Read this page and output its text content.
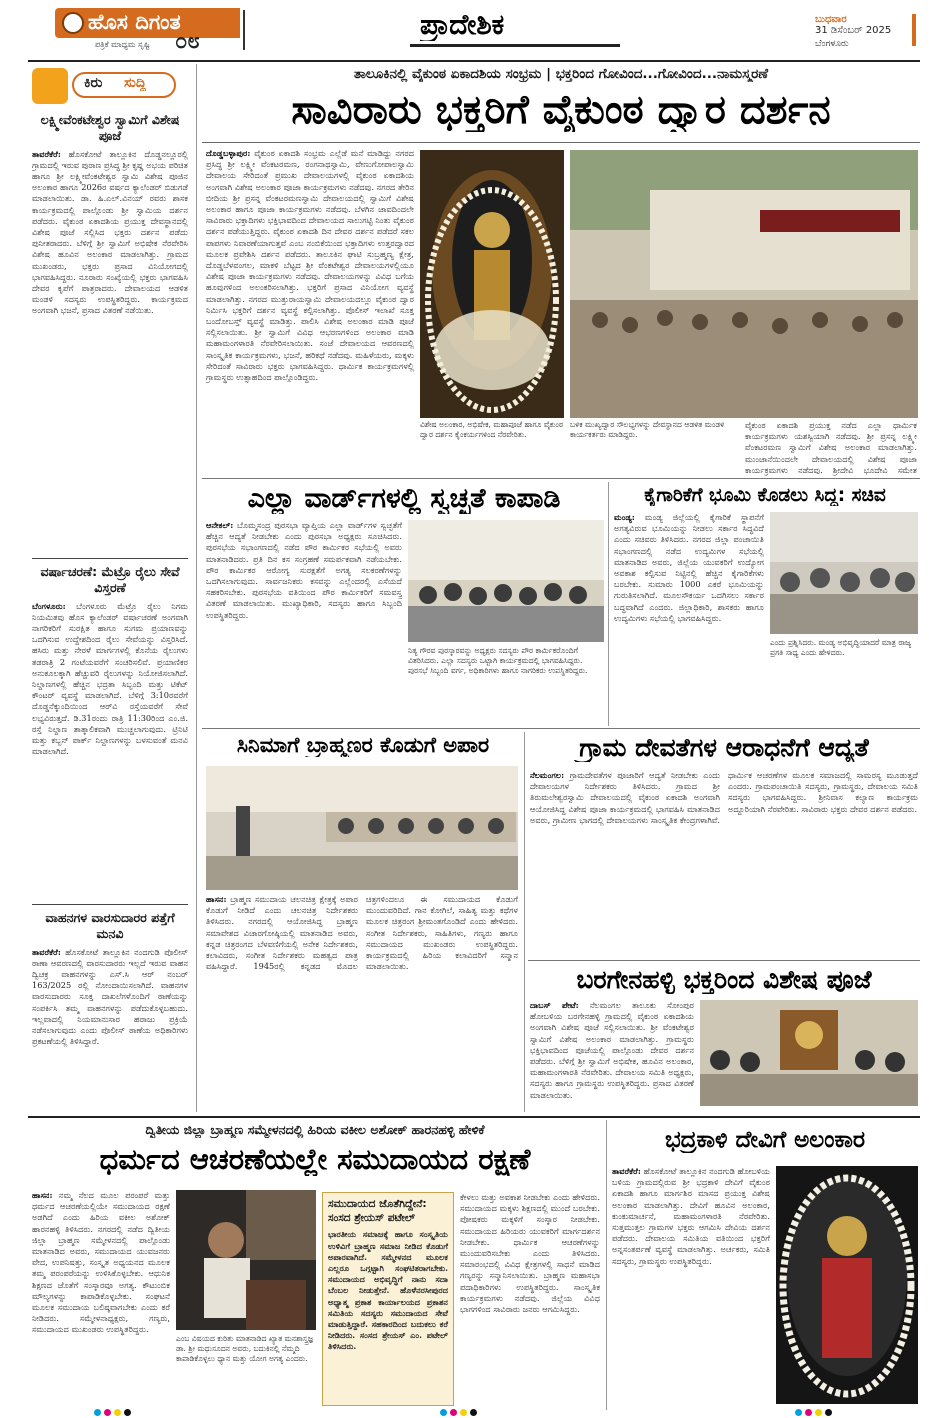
ಹೊಸ ದಿಗಂತ
ಪತ್ರಿಕೆ ಮಾಧ್ಯಮ ಸೃಷ್ಟಿ ೦೮
ಪ್ರಾದೇಶಿಕ	ಬುಧವಾರ
31 ಡಿಸೆಂಬರ್ 2025
ಬೆಂಗಳೂರು
ಕಿರು ಸುದ್ದಿ
ಲಕ್ಷ್ಮೀವೆಂಕಟೇಶ್ವರ ಸ್ವಾಮಿಗೆ ವಿಶೇಷ ಪೂಜೆ
ತಾವರೆಕೆರೆ: ಹೊಸಕೋಟೆ ತಾಲ್ಲೂಕಿನ ದೊಡ್ಡನಲ್ಲೂರಲ್ಲಿ ಗ್ರಾಮದಲ್ಲಿ ಇರುವ ಪುರಾಣ ಪ್ರಸಿದ್ಧ ಶ್ರೀ ಕೃಷ್ಣ ಅಭಯ ಪರಿಚಿತ ಹಾಗೂ ಶ್ರೀ ಲಕ್ಷ್ಮೀವೆಂಕಟೇಶ್ವರ ಸ್ವಾಮಿ ವಿಶೇಷ ಪೂಜಿನ ಅಲಂಕಾರ ಹಾಗೂ 2026ರ ವರ್ಷದ ಕ್ಯಾಲೆಂಡರ್ ಬಿಡುಗಡೆ ಮಾಡಲಾಯಿತು. ಡಾ. ಹಿ.ಎಲ್.ವಿನಯ್ ರವರು ಶಾಸಕ ಕಾರ್ಯಕ್ರಮದಲ್ಲಿ ಪಾಲ್ಗೊಂಡು ಶ್ರೀ ಸ್ವಾಮಿಯ ದರ್ಶನ ಪಡೆದರು. ವೈಕುಂಠ ಏಕಾದಶಿಯ ಪ್ರಯುಕ್ತ ದೇವಸ್ಥಾನದಲ್ಲಿ ವಿಶೇಷ ಪೂಜೆ ಸಲ್ಲಿಸಿದ ಭಕ್ತರು ದರ್ಶನ ಪಡೆದು ಪುನೀತರಾದರು. ಬೆಳಿಗ್ಗೆ ಶ್ರೀ ಸ್ವಾಮಿಗೆ ಅಭಿಷೇಕ ನೆರವೇರಿಸಿ ವಿಶೇಷ ಹೂವಿನ ಅಲಂಕಾರ ಮಾಡಲಾಗಿತ್ತು. ಗ್ರಾಮದ ಮುಖಂಡರು, ಭಕ್ತರು ಪ್ರಸಾದ ವಿನಿಯೋಗದಲ್ಲಿ ಭಾಗವಹಿಸಿದ್ದರು. ನೂರಾರು ಸಂಖ್ಯೆಯಲ್ಲಿ ಭಕ್ತರು ಭಾಗವಹಿಸಿ ದೇವರ ಕೃಪೆಗೆ ಪಾತ್ರರಾದರು. ದೇವಾಲಯದ ಆಡಳಿತ ಮಂಡಳಿ ಸದಸ್ಯರು ಉಪಸ್ಥಿತರಿದ್ದರು. ಕಾರ್ಯಕ್ರಮದ ಅಂಗವಾಗಿ ಭಜನೆ, ಪ್ರಸಾದ ವಿತರಣೆ ನಡೆಯಿತು.
ವರ್ಷಾಚರಣೆ: ಮೆಟ್ರೊ ರೈಲು ಸೇವೆ ವಿಸ್ತರಣೆ
ಬೆಂಗಳೂರು: ಬೆಂಗಳೂರು ಮೆಟ್ರೊ ರೈಲು ನಿಗಮ ನಿಯಮಿತವು ಹೊಸ ಕ್ಯಾಲೆಂಡರ್ ವರ್ಷಾಚರಣೆ ಅಂಗವಾಗಿ ನಾಗರಿಕರಿಗೆ ಸುರಕ್ಷಿತ ಹಾಗೂ ಸುಗಮ ಪ್ರಯಾಣವನ್ನು ಒದಗಿಸುವ ಉದ್ದೇಶದಿಂದ ರೈಲು ಸೇವೆಯನ್ನು ವಿಸ್ತರಿಸಿದೆ. ಹಸಿರು ಮತ್ತು ನೇರಳೆ ಮಾರ್ಗಗಳಲ್ಲಿ ಕೊನೆಯ ರೈಲುಗಳು ತಡರಾತ್ರಿ 2 ಗಂಟೆಯವರೆಗೆ ಸಂಚರಿಸಲಿವೆ. ಪ್ರಯಾಣಿಕರ ಅನುಕೂಲಕ್ಕಾಗಿ ಹೆಚ್ಚುವರಿ ರೈಲುಗಳನ್ನು ನಿಯೋಜಿಸಲಾಗಿದೆ. ನಿಲ್ದಾಣಗಳಲ್ಲಿ ಹೆಚ್ಚಿನ ಭದ್ರತಾ ಸಿಬ್ಬಂದಿ ಮತ್ತು ಟಿಕೆಟ್ ಕೌಂಟರ್ ವ್ಯವಸ್ಥೆ ಮಾಡಲಾಗಿದೆ. ಬೆಳಿಗ್ಗೆ 3:10ರವರೆಗೆ ದೊಡ್ಡನೆಕ್ಕುಂದಿಯಿಂದ ಆರ್‌ವಿ ರಸ್ತೆಯವರೆಗೆ ಸೇವೆ ಲಭ್ಯವಿರುತ್ತದೆ. ಡಿ.31ರಂದು ರಾತ್ರಿ 11:30ರಿಂದ ಎಂ.ಜಿ. ರಸ್ತೆ ನಿಲ್ದಾಣ ತಾತ್ಕಾಲಿಕವಾಗಿ ಮುಚ್ಚಲಾಗುವುದು. ಟ್ರಿನಿಟಿ ಮತ್ತು ಕಬ್ಬನ್ ಪಾರ್ಕ್ ನಿಲ್ದಾಣಗಳನ್ನು ಬಳಸುವಂತೆ ಮನವಿ ಮಾಡಲಾಗಿದೆ.
ವಾಹನಗಳ ವಾರಸುದಾರರ ಪತ್ತೆಗೆ ಮನವಿ
ತಾವರೆಕೆರೆ: ಹೊಸಕೋಟೆ ತಾಲ್ಲೂಕಿನ ನಂದಗುಡಿ ಪೊಲೀಸ್ ಠಾಣಾ ಆವರಣದಲ್ಲಿ ವಾರಸುದಾರರು ಇಲ್ಲದೆ ಇರುವ ವಾಹನ ದ್ವಿಚಕ್ರ ವಾಹನಗಳನ್ನು ಎಸ್.ಸಿ ಆರ್ ನಂಬರ್ 163/2025 ರಲ್ಲಿ ನೋಂದಾಯಿಸಲಾಗಿದೆ. ವಾಹನಗಳ ವಾರಸುದಾರರು ಸೂಕ್ತ ದಾಖಲೆಗಳೊಂದಿಗೆ ಠಾಣೆಯನ್ನು ಸಂಪರ್ಕಿಸಿ ತಮ್ಮ ವಾಹನಗಳನ್ನು ಪಡೆದುಕೊಳ್ಳಬಹುದು. ಇಲ್ಲವಾದಲ್ಲಿ ನಿಯಮಾನುಸಾರ ಹರಾಜು ಪ್ರಕ್ರಿಯೆ ನಡೆಸಲಾಗುವುದು ಎಂದು ಪೊಲೀಸ್ ಠಾಣೆಯ ಅಧಿಕಾರಿಗಳು ಪ್ರಕಟಣೆಯಲ್ಲಿ ತಿಳಿಸಿದ್ದಾರೆ.
ತಾಲೂಕಿನಲ್ಲಿ ವೈಕುಂಠ ಏಕಾದಶಿಯ ಸಂಭ್ರಮ | ಭಕ್ತರಿಂದ ಗೋವಿಂದ...ಗೋವಿಂದ...ನಾಮಸ್ಮರಣೆ
ಸಾವಿರಾರು ಭಕ್ತರಿಗೆ ವೈಕುಂಠ ದ್ವಾರ ದರ್ಶನ
ದೊಡ್ಡಬಳ್ಳಾಪುರ: ವೈಕುಂಠ ಏಕಾದಶಿ ಸಂಭ್ರಮ ಎಲ್ಲೆಡೆ ಮನೆ ಮಾಡಿದ್ದು ನಗರದ ಪ್ರಸಿದ್ಧ ಶ್ರೀ ಲಕ್ಷ್ಮೀ ವೆಂಕಟರಮಣ, ರಂಗನಾಥಸ್ವಾಮಿ, ವೇಣುಗೋಪಾಲಸ್ವಾಮಿ ದೇವಾಲಯ ಸೇರಿದಂತೆ ಪ್ರಮುಖ ದೇವಾಲಯಗಳಲ್ಲಿ ವೈಕುಂಠ ಏಕಾದಶಿಯ ಅಂಗವಾಗಿ ವಿಶೇಷ ಅಲಂಕಾರ ಪೂಜಾ ಕಾರ್ಯಕ್ರಮಗಳು ನಡೆದವು. ನಗರದ ತೇರಿನ ಬೀದಿಯ ಶ್ರೀ ಪ್ರಸನ್ನ ವೆಂಕಟರಮಣಸ್ವಾಮಿ ದೇವಾಲಯದಲ್ಲಿ ಸ್ವಾಮಿಗೆ ವಿಶೇಷ ಅಲಂಕಾರ ಹಾಗೂ ಪೂಜಾ ಕಾರ್ಯಕ್ರಮಗಳು ನಡೆದವು. ಬೆಳಗಿನ ಜಾವದಿಂದಲೇ ಸಾವಿರಾರು ಭಕ್ತಾದಿಗಳು ಭಕ್ತಿಭಾವದಿಂದ ದೇವಾಲಯದ ಸಾಲುಗಟ್ಟಿ ನಿಂತು ವೈಕುಂಠ ದರ್ಶನ ಪಡೆಯುತ್ತಿದ್ದರು. ವೈಕುಂಠ ಏಕಾದಶಿ ದಿನ ದೇವರ ದರ್ಶನ ಪಡೆದರೆ ಸಕಲ ಪಾಪಗಳು ನಿವಾರಣೆಯಾಗುತ್ತವೆ ಎಂಬ ನಂಬಿಕೆಯಿಂದ ಭಕ್ತಾದಿಗಳು ಉತ್ತರದ್ವಾರದ ಮೂಲಕ ಪ್ರವೇಶಿಸಿ ದರ್ಶನ ಪಡೆದರು. ತಾಲೂಕಿನ ಘಾಟಿ ಸುಬ್ರಹ್ಮಣ್ಯ ಕ್ಷೇತ್ರ, ದೊಡ್ಡಬೆಳವಂಗಲ, ಮಾಕಳಿ ಬೆಟ್ಟದ ಶ್ರೀ ವೆಂಕಟೇಶ್ವರ ದೇವಾಲಯಗಳಲ್ಲಿಯೂ ವಿಶೇಷ ಪೂಜಾ ಕಾರ್ಯಕ್ರಮಗಳು ನಡೆದವು. ದೇವಾಲಯಗಳನ್ನು ವಿವಿಧ ಬಗೆಯ ಹೂವುಗಳಿಂದ ಅಲಂಕರಿಸಲಾಗಿತ್ತು. ಭಕ್ತರಿಗೆ ಪ್ರಸಾದ ವಿನಿಯೋಗ ವ್ಯವಸ್ಥೆ ಮಾಡಲಾಗಿತ್ತು. ನಗರದ ಮುತ್ತುರಾಯಸ್ವಾಮಿ ದೇವಾಲಯದಲ್ಲೂ ವೈಕುಂಠ ದ್ವಾರ ನಿರ್ಮಿಸಿ ಭಕ್ತರಿಗೆ ದರ್ಶನ ವ್ಯವಸ್ಥೆ ಕಲ್ಪಿಸಲಾಗಿತ್ತು. ಪೊಲೀಸ್ ಇಲಾಖೆ ಸೂಕ್ತ ಬಂದೋಬಸ್ತ್ ವ್ಯವಸ್ಥೆ ಮಾಡಿತ್ತು. ಪಾಲಿಸಿ ವಿಶೇಷ ಅಲಂಕಾರ ಮಾಡಿ ಪೂಜೆ ಸಲ್ಲಿಸಲಾಯಿತು. ಶ್ರೀ ಸ್ವಾಮಿಗೆ ವಿವಿಧ ಆಭರಣಗಳಿಂದ ಅಲಂಕಾರ ಮಾಡಿ ಮಹಾಮಂಗಳಾರತಿ ನೆರವೇರಿಸಲಾಯಿತು. ಸಂಜೆ ದೇವಾಲಯದ ಆವರಣದಲ್ಲಿ ಸಾಂಸ್ಕೃತಿಕ ಕಾರ್ಯಕ್ರಮಗಳು, ಭಜನೆ, ಹರಿಕಥೆ ನಡೆದವು. ಮಹಿಳೆಯರು, ಮಕ್ಕಳು ಸೇರಿದಂತೆ ಸಾವಿರಾರು ಭಕ್ತರು ಭಾಗವಹಿಸಿದ್ದರು. ಧಾರ್ಮಿಕ ಕಾರ್ಯಕ್ರಮಗಳಲ್ಲಿ ಗ್ರಾಮಸ್ಥರು ಉತ್ಸಾಹದಿಂದ ಪಾಲ್ಗೊಂಡಿದ್ದರು.
ವಿಶೇಷ ಅಲಂಕಾರ, ಅಭಿಷೇಕ, ಮಹಾಪೂಜೆ ಹಾಗೂ ವೈಕುಂಠ ದ್ವಾರ ದರ್ಶನ ಕೈಂಕರ್ಯಗಳಿಂದ ನೆರವೇರಿತು.
ಬಳಿಕ ಮುಖ್ಯದ್ವಾರ ಸೌಲಭ್ಯಗಳನ್ನು ದೇವಸ್ಥಾನದ ಆಡಳಿತ ಮಂಡಳಿ ಕಾರ್ಯಕರ್ತರು ಮಾಡಿದ್ದರು.
ವೈಕುಂಠ ಏಕಾದಶಿ ಪ್ರಯುಕ್ತ ನಡೆದ ಎಲ್ಲಾ ಧಾರ್ಮಿಕ ಕಾರ್ಯಕ್ರಮಗಳು ಯಶಸ್ವಿಯಾಗಿ ನಡೆದವು. ಶ್ರೀ ಪ್ರಸನ್ನ ಲಕ್ಷ್ಮೀ ವೆಂಕಟರಮಣ ಸ್ವಾಮಿಗೆ ವಿಶೇಷ ಅಲಂಕಾರ ಮಾಡಲಾಗಿತ್ತು. ಮುಂಜಾನೆಯಿಂದಲೇ ದೇವಾಲಯದಲ್ಲಿ ವಿಶೇಷ ಪೂಜಾ ಕಾರ್ಯಕ್ರಮಗಳು ನಡೆದವು. ಶ್ರೀದೇವಿ ಭೂದೇವಿ ಸಮೇತ
ಎಲ್ಲಾ ವಾರ್ಡ್‌ಗಳಲ್ಲಿ ಸ್ವಚ್ಛತೆ ಕಾಪಾಡಿ
ಆನೇಕಲ್: ಬೊಮ್ಮಸಂದ್ರ ಪುರಸಭಾ ವ್ಯಾಪ್ತಿಯ ಎಲ್ಲಾ ವಾರ್ಡ್‌ಗಳ ಸ್ವಚ್ಛತೆಗೆ ಹೆಚ್ಚಿನ ಆದ್ಯತೆ ನೀಡಬೇಕು ಎಂದು ಪುರಸಭಾ ಅಧ್ಯಕ್ಷರು ಸೂಚಿಸಿದರು. ಪುರಸಭೆಯ ಸಭಾಂಗಣದಲ್ಲಿ ನಡೆದ ಪೌರ ಕಾರ್ಮಿಕರ ಸಭೆಯಲ್ಲಿ ಅವರು ಮಾತನಾಡಿದರು. ಪ್ರತಿ ದಿನ ಕಸ ಸಂಗ್ರಹಣೆ ಸಮರ್ಪಕವಾಗಿ ನಡೆಯಬೇಕು. ಪೌರ ಕಾರ್ಮಿಕರ ಆರೋಗ್ಯ ಸುರಕ್ಷತೆಗೆ ಅಗತ್ಯ ಸಲಕರಣೆಗಳನ್ನು ಒದಗಿಸಲಾಗುವುದು. ಸಾರ್ವಜನಿಕರು ಕಸವನ್ನು ಎಲ್ಲೆಂದರಲ್ಲಿ ಎಸೆಯದೆ ಸಹಕರಿಸಬೇಕು. ಪುರಸಭೆಯ ವತಿಯಿಂದ ಪೌರ ಕಾರ್ಮಿಕರಿಗೆ ಸಮವಸ್ತ್ರ ವಿತರಣೆ ಮಾಡಲಾಯಿತು. ಮುಖ್ಯಾಧಿಕಾರಿ, ಸದಸ್ಯರು ಹಾಗೂ ಸಿಬ್ಬಂದಿ ಉಪಸ್ಥಿತರಿದ್ದರು.
ನಿತ್ಯ ಗೌರವ ಪುರಸ್ಕಾರವನ್ನು ಅಧ್ಯಕ್ಷರು ಸದಸ್ಯರು ಪೌರ ಕಾರ್ಮಿಕರೊಂದಿಗೆ ವಿತರಿಸಿದರು. ಎಲ್ಲಾ ಸದಸ್ಯರು ಒಟ್ಟಾಗಿ ಕಾರ್ಯಕ್ರಮದಲ್ಲಿ ಭಾಗವಹಿಸಿದ್ದರು. ಪುರಸಭೆ ಸಿಬ್ಬಂದಿ ವರ್ಗ, ಅಧಿಕಾರಿಗಳು ಹಾಗೂ ನಾಗರಿಕರು ಉಪಸ್ಥಿತರಿದ್ದರು.
ಕೈಗಾರಿಕೆಗೆ ಭೂಮಿ ಕೊಡಲು ಸಿದ್ಧ: ಸಚಿವ
ಮಂಡ್ಯ: ಮಂಡ್ಯ ಜಿಲ್ಲೆಯಲ್ಲಿ ಕೈಗಾರಿಕೆ ಸ್ಥಾಪನೆಗೆ ಅಗತ್ಯವಿರುವ ಭೂಮಿಯನ್ನು ನೀಡಲು ಸರ್ಕಾರ ಸಿದ್ಧವಿದೆ ಎಂದು ಸಚಿವರು ತಿಳಿಸಿದರು. ನಗರದ ಜಿಲ್ಲಾ ಪಂಚಾಯಿತಿ ಸಭಾಂಗಣದಲ್ಲಿ ನಡೆದ ಉದ್ಯಮಿಗಳ ಸಭೆಯಲ್ಲಿ ಮಾತನಾಡಿದ ಅವರು, ಜಿಲ್ಲೆಯ ಯುವಕರಿಗೆ ಉದ್ಯೋಗ ಅವಕಾಶ ಕಲ್ಪಿಸುವ ನಿಟ್ಟಿನಲ್ಲಿ ಹೆಚ್ಚಿನ ಕೈಗಾರಿಕೆಗಳು ಬರಬೇಕು. ಸುಮಾರು 1000 ಎಕರೆ ಭೂಮಿಯನ್ನು ಗುರುತಿಸಲಾಗಿದೆ. ಮೂಲಸೌಕರ್ಯ ಒದಗಿಸಲು ಸರ್ಕಾರ ಬದ್ಧವಾಗಿದೆ ಎಂದರು. ಜಿಲ್ಲಾಧಿಕಾರಿ, ಶಾಸಕರು ಹಾಗೂ ಉದ್ಯಮಿಗಳು ಸಭೆಯಲ್ಲಿ ಭಾಗವಹಿಸಿದ್ದರು.
ಎಂದು ಪ್ರಶ್ನಿಸಿದರು. ಮಂಡ್ಯ ಅಭಿವೃದ್ಧಿಯಾದರೆ ಮಾತ್ರ ರಾಜ್ಯ ಪ್ರಗತಿ ಸಾಧ್ಯ ಎಂದು ಹೇಳಿದರು.
ಸಿನಿಮಾಗೆ ಬ್ರಾಹ್ಮಣರ ಕೊಡುಗೆ ಅಪಾರ
ಹಾಸನ: ಬ್ರಾಹ್ಮಣ ಸಮುದಾಯ ಚಲನಚಿತ್ರ ಕ್ಷೇತ್ರಕ್ಕೆ ಅಪಾರ ಕೊಡುಗೆ ನೀಡಿದೆ ಎಂದು ಚಲನಚಿತ್ರ ನಿರ್ದೇಶಕರು ತಿಳಿಸಿದರು. ನಗರದಲ್ಲಿ ಆಯೋಜಿಸಿದ್ದ ಬ್ರಾಹ್ಮಣ ಸಮಾವೇಶದ ವಿಚಾರಗೋಷ್ಠಿಯಲ್ಲಿ ಮಾತನಾಡಿದ ಅವರು, ಕನ್ನಡ ಚಿತ್ರರಂಗದ ಬೆಳವಣಿಗೆಯಲ್ಲಿ ಅನೇಕ ನಿರ್ದೇಶಕರು, ಕಲಾವಿದರು, ಸಂಗೀತ ನಿರ್ದೇಶಕರು ಮಹತ್ವದ ಪಾತ್ರ ವಹಿಸಿದ್ದಾರೆ. 1945ರಲ್ಲಿ ಕನ್ನಡದ ಮೊದಲ ಚಿತ್ರಗಳಿಂದಲೂ ಈ ಸಮುದಾಯದ ಕೊಡುಗೆ ಮುಂದುವರಿದಿದೆ. ಗಾನ ಕೋಗಿಲೆ, ಸಾಹಿತ್ಯ ಮತ್ತು ಕಥೆಗಳ ಮೂಲಕ ಚಿತ್ರರಂಗ ಶ್ರೀಮಂತಗೊಂಡಿದೆ ಎಂದು ಹೇಳಿದರು. ಸಂಗೀತ ನಿರ್ದೇಶಕರು, ಸಾಹಿತಿಗಳು, ಗಣ್ಯರು ಹಾಗೂ ಸಮುದಾಯದ ಮುಖಂಡರು ಉಪಸ್ಥಿತರಿದ್ದರು. ಕಾರ್ಯಕ್ರಮದಲ್ಲಿ ಹಿರಿಯ ಕಲಾವಿದರಿಗೆ ಸನ್ಮಾನ ಮಾಡಲಾಯಿತು.
ಗ್ರಾಮ ದೇವತೆಗಳ ಆರಾಧನೆಗೆ ಆದ್ಯತೆ
ನೆಲಮಂಗಲ: ಗ್ರಾಮದೇವತೆಗಳ ಪೂಜಾರಿಗೆ ಆದ್ಯತೆ ನೀಡಬೇಕು ಎಂದು ದೇವಾಲಯಗಳ ನಿರ್ದೇಶಕರು ತಿಳಿಸಿದರು. ಗ್ರಾಮದ ಶ್ರೀ ತಿರುಮಲೇಶ್ವರಸ್ವಾಮಿ ದೇವಾಲಯದಲ್ಲಿ ವೈಕುಂಠ ಏಕಾದಶಿ ಅಂಗವಾಗಿ ಆಯೋಜಿಸಿದ್ದ ವಿಶೇಷ ಪೂಜಾ ಕಾರ್ಯಕ್ರಮದಲ್ಲಿ ಭಾಗವಹಿಸಿ ಮಾತನಾಡಿದ ಅವರು, ಗ್ರಾಮೀಣ ಭಾಗದಲ್ಲಿ ದೇವಾಲಯಗಳು ಸಾಂಸ್ಕೃತಿಕ ಕೇಂದ್ರಗಳಾಗಿವೆ. ಧಾರ್ಮಿಕ ಆಚರಣೆಗಳ ಮೂಲಕ ಸಮಾಜದಲ್ಲಿ ಸಾಮರಸ್ಯ ಮೂಡುತ್ತದೆ ಎಂದರು. ಗ್ರಾಮಪಂಚಾಯಿತಿ ಸದಸ್ಯರು, ಗ್ರಾಮಸ್ಥರು, ದೇವಾಲಯ ಸಮಿತಿ ಸದಸ್ಯರು ಭಾಗವಹಿಸಿದ್ದರು. ಶ್ರೀನಿವಾಸ ಕಲ್ಯಾಣ ಕಾರ್ಯಕ್ರಮ ಅದ್ದೂರಿಯಾಗಿ ನೆರವೇರಿತು. ಸಾವಿರಾರು ಭಕ್ತರು ದೇವರ ದರ್ಶನ ಪಡೆದರು.
ಬರಗೇನಹಳ್ಳಿ ಭಕ್ತರಿಂದ ವಿಶೇಷ ಪೂಜೆ
ದಾಬಸ್ ಪೇಟೆ: ನೆಲಮಂಗಲ ತಾಲೂಕು ಸೋಂಪುರ ಹೋಬಳಿಯ ಬರಗೇನಹಳ್ಳಿ ಗ್ರಾಮದಲ್ಲಿ ವೈಕುಂಠ ಏಕಾದಶಿಯ ಅಂಗವಾಗಿ ವಿಶೇಷ ಪೂಜೆ ಸಲ್ಲಿಸಲಾಯಿತು. ಶ್ರೀ ವೆಂಕಟೇಶ್ವರ ಸ್ವಾಮಿಗೆ ವಿಶೇಷ ಅಲಂಕಾರ ಮಾಡಲಾಗಿತ್ತು. ಗ್ರಾಮಸ್ಥರು ಭಕ್ತಿಭಾವದಿಂದ ಪೂಜೆಯಲ್ಲಿ ಪಾಲ್ಗೊಂಡು ದೇವರ ದರ್ಶನ ಪಡೆದರು. ಬೆಳಿಗ್ಗೆ ಶ್ರೀ ಸ್ವಾಮಿಗೆ ಅಭಿಷೇಕ, ಹೂವಿನ ಅಲಂಕಾರ, ಮಹಾಮಂಗಳಾರತಿ ನೆರವೇರಿತು. ದೇವಾಲಯ ಸಮಿತಿ ಅಧ್ಯಕ್ಷರು, ಸದಸ್ಯರು ಹಾಗೂ ಗ್ರಾಮಸ್ಥರು ಉಪಸ್ಥಿತರಿದ್ದರು. ಪ್ರಸಾದ ವಿತರಣೆ ಮಾಡಲಾಯಿತು.
ದ್ವಿತೀಯ ಜಿಲ್ಲಾ ಬ್ರಾಹ್ಮಣ ಸಮ್ಮೇಳನದಲ್ಲಿ ಹಿರಿಯ ವಕೀಲ ಅಶೋಕ್ ಹಾರನಹಳ್ಳಿ ಹೇಳಿಕೆ
ಧರ್ಮದ ಆಚರಣೆಯಲ್ಲೇ ಸಮುದಾಯದ ರಕ್ಷಣೆ
ಹಾಸನ: ನಮ್ಮ ನೆಲದ ಮೂಲ ಪರಂಪರೆ ಮತ್ತು ಧರ್ಮದ ಆಚರಣೆಯಲ್ಲಿಯೇ ಸಮುದಾಯದ ರಕ್ಷಣೆ ಅಡಗಿದೆ ಎಂದು ಹಿರಿಯ ವಕೀಲ ಅಶೋಕ್ ಹಾರನಹಳ್ಳಿ ತಿಳಿಸಿದರು. ನಗರದಲ್ಲಿ ನಡೆದ ದ್ವಿತೀಯ ಜಿಲ್ಲಾ ಬ್ರಾಹ್ಮಣ ಸಮ್ಮೇಳನದಲ್ಲಿ ಪಾಲ್ಗೊಂಡು ಮಾತನಾಡಿದ ಅವರು, ಸಮುದಾಯದ ಯುವಜನರು ವೇದ, ಉಪನಿಷತ್ತು, ಸಂಸ್ಕೃತ ಅಧ್ಯಯನದ ಮೂಲಕ ತಮ್ಮ ಪರಂಪರೆಯನ್ನು ಉಳಿಸಿಕೊಳ್ಳಬೇಕು. ಆಧುನಿಕ ಶಿಕ್ಷಣದ ಜೊತೆಗೆ ಸಂಸ್ಕಾರವೂ ಅಗತ್ಯ. ಕೌಟುಂಬಿಕ ಮೌಲ್ಯಗಳನ್ನು ಕಾಪಾಡಿಕೊಳ್ಳಬೇಕು. ಸಂಘಟನೆ ಮೂಲಕ ಸಮುದಾಯ ಬಲಿಷ್ಠವಾಗಬೇಕು ಎಂದು ಕರೆ ನೀಡಿದರು. ಸಮ್ಮೇಳನಾಧ್ಯಕ್ಷರು, ಗಣ್ಯರು, ಸಮುದಾಯದ ಮುಖಂಡರು ಉಪಸ್ಥಿತರಿದ್ದರು.
ಎಂಬ ವಿಷಯದ ಕುರಿತು ಮಾತನಾಡಿದ ಖ್ಯಾತ ಮನಶಾಸ್ತ್ರಜ್ಞ ಡಾ. ಶ್ರೀ ಮಧುಸೂದನ ಅವರು, ಬದುಕಿನಲ್ಲಿ ನೆಮ್ಮದಿ ಕಾಪಾಡಿಕೊಳ್ಳಲು ಧ್ಯಾನ ಮತ್ತು ಯೋಗ ಅಗತ್ಯ ಎಂದರು.
ಸಮುದಾಯದ ಜೊತೆಗಿದ್ದೇನೆ: ಸಂಸದ ಶ್ರೇಯಸ್ ಪಟೇಲ್
ಭಾರತೀಯ ಸಮಾಜಕ್ಕೆ ಹಾಗೂ ಸಂಸ್ಕೃತಿಯ ಉಳಿವಿಗೆ ಬ್ರಾಹ್ಮಣ ಸಮಾಜ ನೀಡಿದ ಕೊಡುಗೆ ಅಪಾರವಾಗಿದೆ. ಸಮ್ಮೇಳನದ ಮೂಲಕ ಎಲ್ಲರೂ ಒಗ್ಗಟ್ಟಾಗಿ ಸಂಘಟಿತರಾಗಬೇಕು. ಸಮುದಾಯದ ಅಭಿವೃದ್ಧಿಗೆ ನಾನು ಸದಾ ಬೆಂಬಲ ನೀಡುತ್ತೇನೆ. ಹೊಳೆನರಸೀಪುರದ ಅಧ್ಯಾತ್ಮ ಪ್ರಕಾಶ ಕಾರ್ಯಾಲಯದ ಪ್ರಕಾಶನ ಸಮಿತಿಯ ಸದಸ್ಯರು ಸಮುದಾಯದ ಸೇವೆ ಮಾಡುತ್ತಿದ್ದಾರೆ. ಸಹಕಾರದಿಂದ ಬದುಕಲು ಕರೆ ನೀಡಿದರು. ಸಂಸದ ಶ್ರೇಯಸ್ ಎಂ. ಪಟೇಲ್ ತಿಳಿಸಿದರು.
ಕೇಳಲು ಮತ್ತು ಅವಕಾಶ ನೀಡಬೇಕು ಎಂದು ಹೇಳಿದರು. ಸಮುದಾಯದ ಮಕ್ಕಳು ಶಿಕ್ಷಣದಲ್ಲಿ ಮುಂದೆ ಬರಬೇಕು. ಪೋಷಕರು ಮಕ್ಕಳಿಗೆ ಸಂಸ್ಕಾರ ನೀಡಬೇಕು. ಸಮುದಾಯದ ಹಿರಿಯರು ಯುವಕರಿಗೆ ಮಾರ್ಗದರ್ಶನ ನೀಡಬೇಕು. ಧಾರ್ಮಿಕ ಆಚರಣೆಗಳನ್ನು ಮುಂದುವರಿಸಬೇಕು ಎಂದು ತಿಳಿಸಿದರು. ಸಮಾರಂಭದಲ್ಲಿ ವಿವಿಧ ಕ್ಷೇತ್ರಗಳಲ್ಲಿ ಸಾಧನೆ ಮಾಡಿದ ಗಣ್ಯರನ್ನು ಸನ್ಮಾನಿಸಲಾಯಿತು. ಬ್ರಾಹ್ಮಣ ಮಹಾಸಭಾ ಪದಾಧಿಕಾರಿಗಳು ಉಪಸ್ಥಿತರಿದ್ದರು. ಸಾಂಸ್ಕೃತಿಕ ಕಾರ್ಯಕ್ರಮಗಳು ನಡೆದವು. ಜಿಲ್ಲೆಯ ವಿವಿಧ ಭಾಗಗಳಿಂದ ಸಾವಿರಾರು ಜನರು ಆಗಮಿಸಿದ್ದರು.
ಭದ್ರಕಾಳಿ ದೇವಿಗೆ ಅಲಂಕಾರ
ತಾವರೆಕೆರೆ: ಹೊಸಕೋಟೆ ತಾಲ್ಲೂಕಿನ ನಂದಗುಡಿ ಹೋಬಳಿಯ ಬಳಿಯ ಗ್ರಾಮದಲ್ಲಿರುವ ಶ್ರೀ ಭದ್ರಕಾಳಿ ದೇವಿಗೆ ವೈಕುಂಠ ಏಕಾದಶಿ ಹಾಗೂ ಮಾರ್ಗಶಿರ ಮಾಸದ ಪ್ರಯುಕ್ತ ವಿಶೇಷ ಅಲಂಕಾರ ಮಾಡಲಾಗಿತ್ತು. ದೇವಿಗೆ ಹೂವಿನ ಅಲಂಕಾರ, ಕುಂಕುಮಾರ್ಚನೆ, ಮಹಾಮಂಗಳಾರತಿ ನೆರವೇರಿತು. ಸುತ್ತಮುತ್ತಲ ಗ್ರಾಮಗಳ ಭಕ್ತರು ಆಗಮಿಸಿ ದೇವಿಯ ದರ್ಶನ ಪಡೆದರು. ದೇವಾಲಯ ಸಮಿತಿಯ ವತಿಯಿಂದ ಭಕ್ತರಿಗೆ ಅನ್ನಸಂತರ್ಪಣೆ ವ್ಯವಸ್ಥೆ ಮಾಡಲಾಗಿತ್ತು. ಅರ್ಚಕರು, ಸಮಿತಿ ಸದಸ್ಯರು, ಗ್ರಾಮಸ್ಥರು ಉಪಸ್ಥಿತರಿದ್ದರು.
